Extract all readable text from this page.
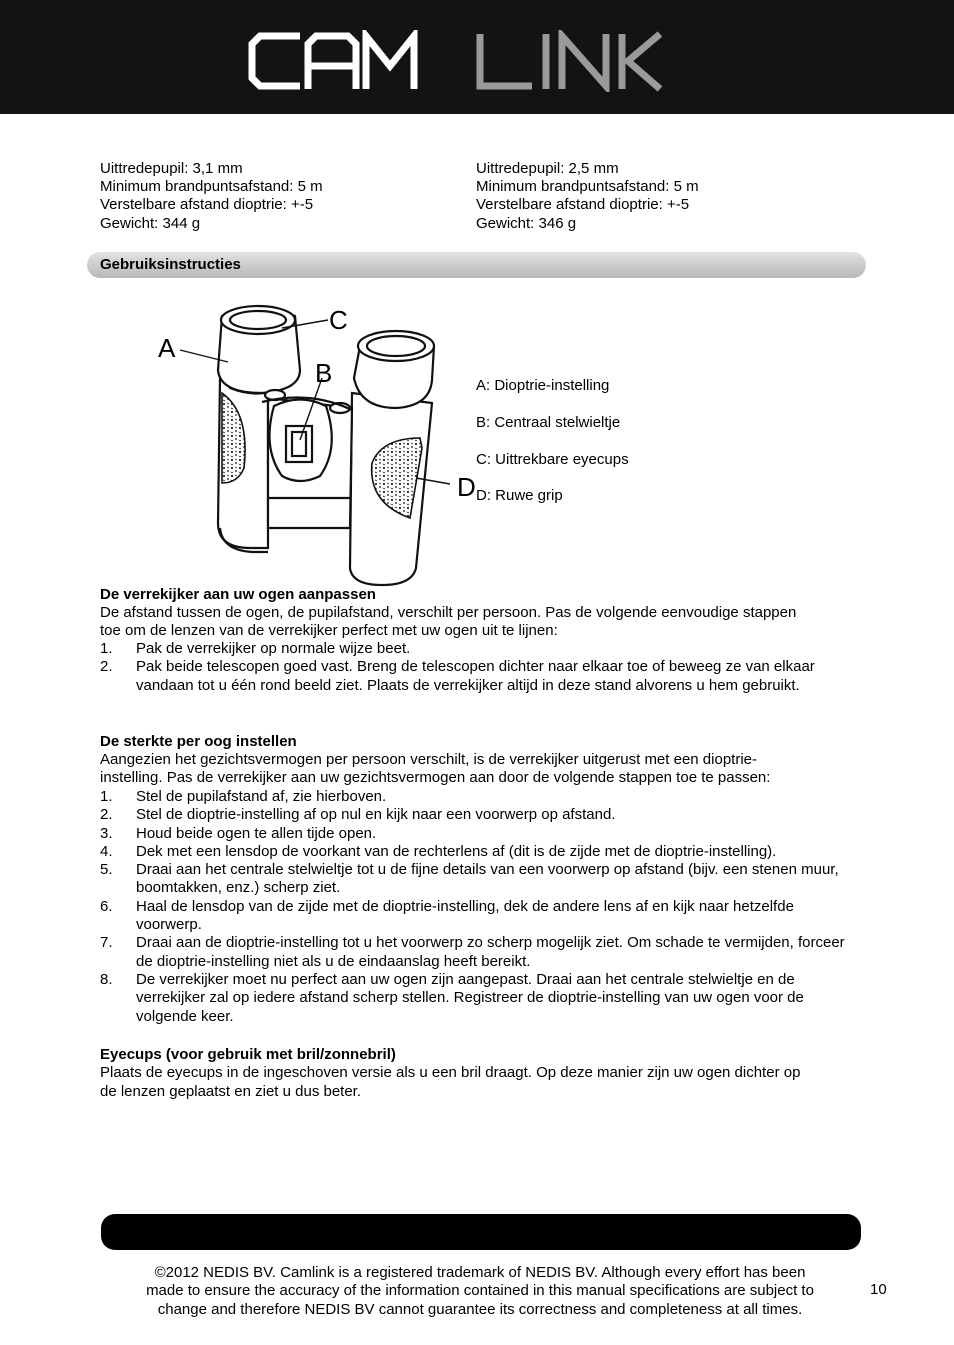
Uittredepupil: 3,1 mm
Minimum brandpuntsafstand: 5 m
Verstelbare afstand dioptrie: +-5
Gewicht: 344 g
Uittredepupil: 2,5 mm
Minimum brandpuntsafstand: 5 m
Verstelbare afstand dioptrie: +-5
Gewicht: 346 g
Gebruiksinstructies
A
B
C
D
A: Dioptrie-instelling
B: Centraal stelwieltje
C: Uittrekbare eyecups
D: Ruwe grip
De verrekijker aan uw ogen aanpassen
De afstand tussen de ogen, de pupilafstand, verschilt per persoon. Pas de volgende eenvoudige stappen
toe om de lenzen van de verrekijker perfect met uw ogen uit te lijnen:
1. Pak de verrekijker op normale wijze beet.
2. Pak beide telescopen goed vast. Breng de telescopen dichter naar elkaar toe of beweeg ze van elkaar vandaan tot u één rond beeld ziet. Plaats de verrekijker altijd in deze stand alvorens u hem gebruikt.
De sterkte per oog instellen
Aangezien het gezichtsvermogen per persoon verschilt, is de verrekijker uitgerust met een dioptrie-
instelling. Pas de verrekijker aan uw gezichtsvermogen aan door de volgende stappen toe te passen:
1. Stel de pupilafstand af, zie hierboven.
2. Stel de dioptrie-instelling af op nul en kijk naar een voorwerp op afstand.
3. Houd beide ogen te allen tijde open.
4. Dek met een lensdop de voorkant van de rechterlens af (dit is de zijde met de dioptrie-instelling).
5. Draai aan het centrale stelwieltje tot u de fijne details van een voorwerp op afstand (bijv. een stenen muur, boomtakken, enz.) scherp ziet.
6. Haal de lensdop van de zijde met de dioptrie-instelling, dek de andere lens af en kijk naar hetzelfde voorwerp.
7. Draai aan de dioptrie-instelling tot u het voorwerp zo scherp mogelijk ziet. Om schade te vermijden, forceer de dioptrie-instelling niet als u de eindaanslag heeft bereikt.
8. De verrekijker moet nu perfect aan uw ogen zijn aangepast. Draai aan het centrale stelwieltje en de verrekijker zal op iedere afstand scherp stellen. Registreer de dioptrie-instelling van uw ogen voor de volgende keer.
Eyecups (voor gebruik met bril/zonnebril)
Plaats de eyecups in de ingeschoven versie als u een bril draagt. Op deze manier zijn uw ogen dichter op
de lenzen geplaatst en ziet u dus beter.
©2012 NEDIS BV. Camlink is a registered trademark of NEDIS BV. Although every effort has been
made to ensure the accuracy of the information contained in this manual specifications are subject to
change and therefore NEDIS BV cannot guarantee its correctness and completeness at all times.
10
